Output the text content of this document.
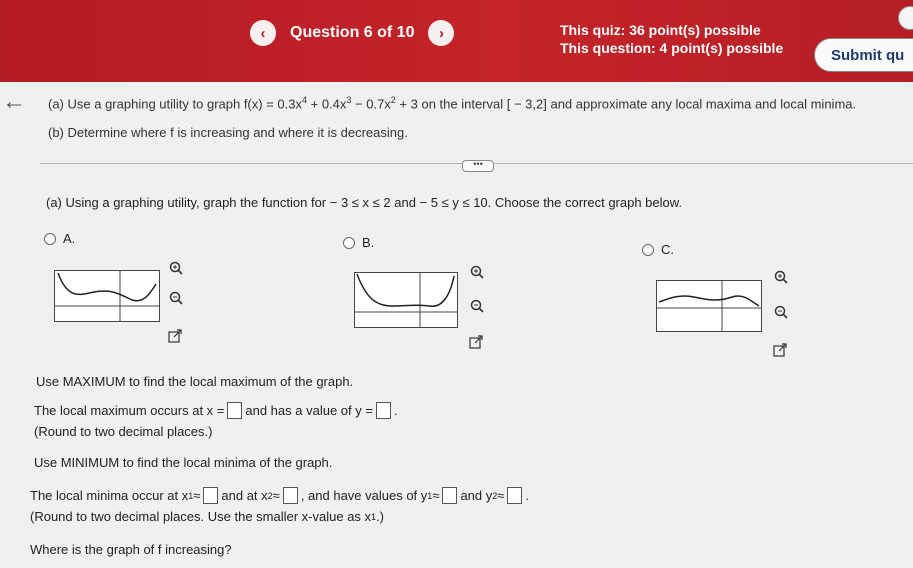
‹	Question 6 of 10	›	This quiz: 36 point(s) possible
This question: 4 point(s) possible	Submit qu
← (a) Use a graphing utility to graph $f(x) = 0.3x^4 + 0.4x^3 - 0.7x^2 + 3$ on the interval [ − 3,2] and approximate any local maxima and local minima.
(b) Determine where f is increasing and where it is decreasing.
•••
(a) Using a graphing utility, graph the function for − 3 ≤ x ≤ 2 and − 5 ≤ y ≤ 10. Choose the correct graph below.
A.	B.	C.
Use MAXIMUM to find the local maximum of the graph.
The local maximum occurs at x = and has a value of y = .
(Round to two decimal places.)
Use MINIMUM to find the local minima of the graph.
The local minima occur at x 1 ≈ and at x 2 ≈ , and have values of y 1 ≈ and y 2 ≈ .
(Round to two decimal places. Use the smaller x-value as x 1 .)
Where is the graph of f increasing?
